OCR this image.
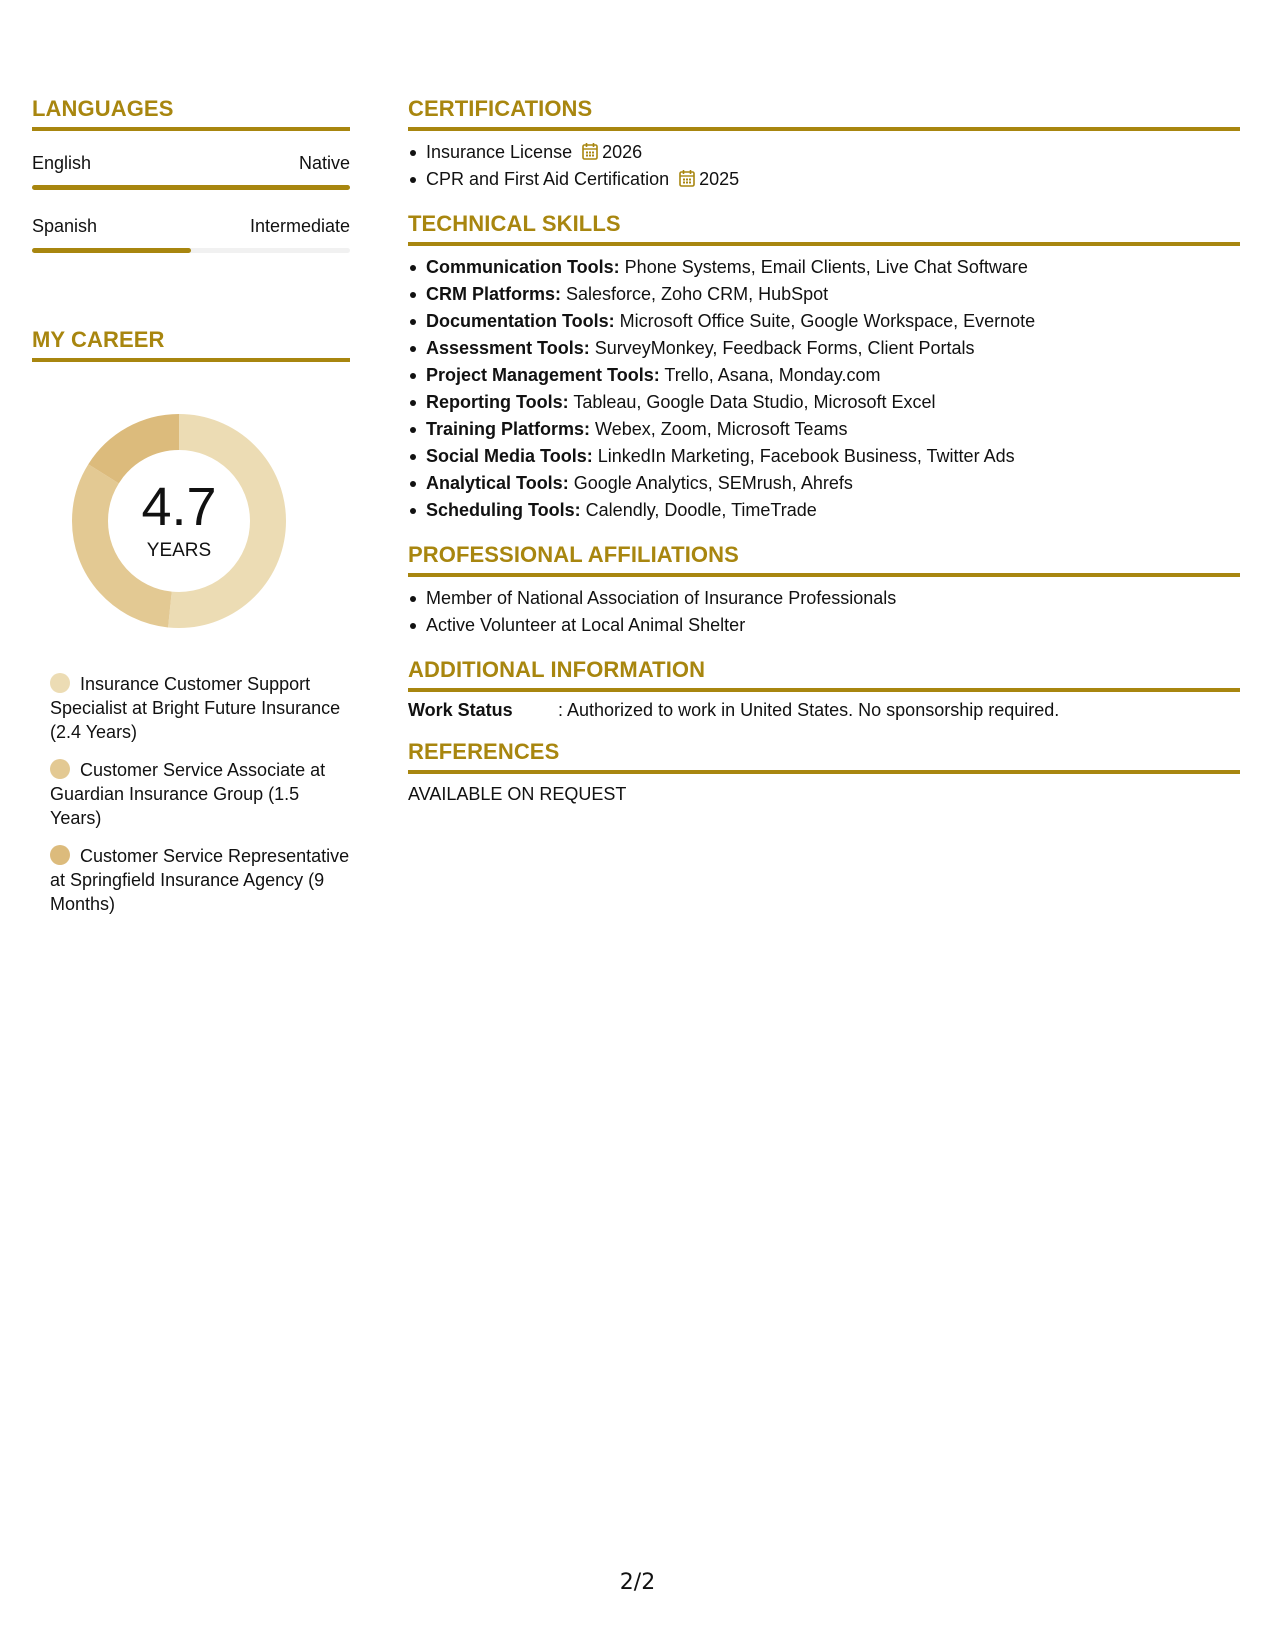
LANGUAGES
English	Native
Spanish	Intermediate
MY CAREER
4.7
YEARS
Insurance Customer Support Specialist at Bright Future Insurance (2.4 Years)
Customer Service Associate at Guardian Insurance Group (1.5 Years)
Customer Service Representative at Springfield Insurance Agency (9 Months)
CERTIFICATIONS
Insurance License 2026
CPR and First Aid Certification 2025
TECHNICAL SKILLS
Communication Tools: Phone Systems, Email Clients, Live Chat Software
CRM Platforms: Salesforce, Zoho CRM, HubSpot
Documentation Tools: Microsoft Office Suite, Google Workspace, Evernote
Assessment Tools: SurveyMonkey, Feedback Forms, Client Portals
Project Management Tools: Trello, Asana, Monday.com
Reporting Tools: Tableau, Google Data Studio, Microsoft Excel
Training Platforms: Webex, Zoom, Microsoft Teams
Social Media Tools: LinkedIn Marketing, Facebook Business, Twitter Ads
Analytical Tools: Google Analytics, SEMrush, Ahrefs
Scheduling Tools: Calendly, Doodle, TimeTrade
PROFESSIONAL AFFILIATIONS
Member of National Association of Insurance Professionals
Active Volunteer at Local Animal Shelter
ADDITIONAL INFORMATION
Work Status	: Authorized to work in United States. No sponsorship required.
REFERENCES
AVAILABLE ON REQUEST
2/2
